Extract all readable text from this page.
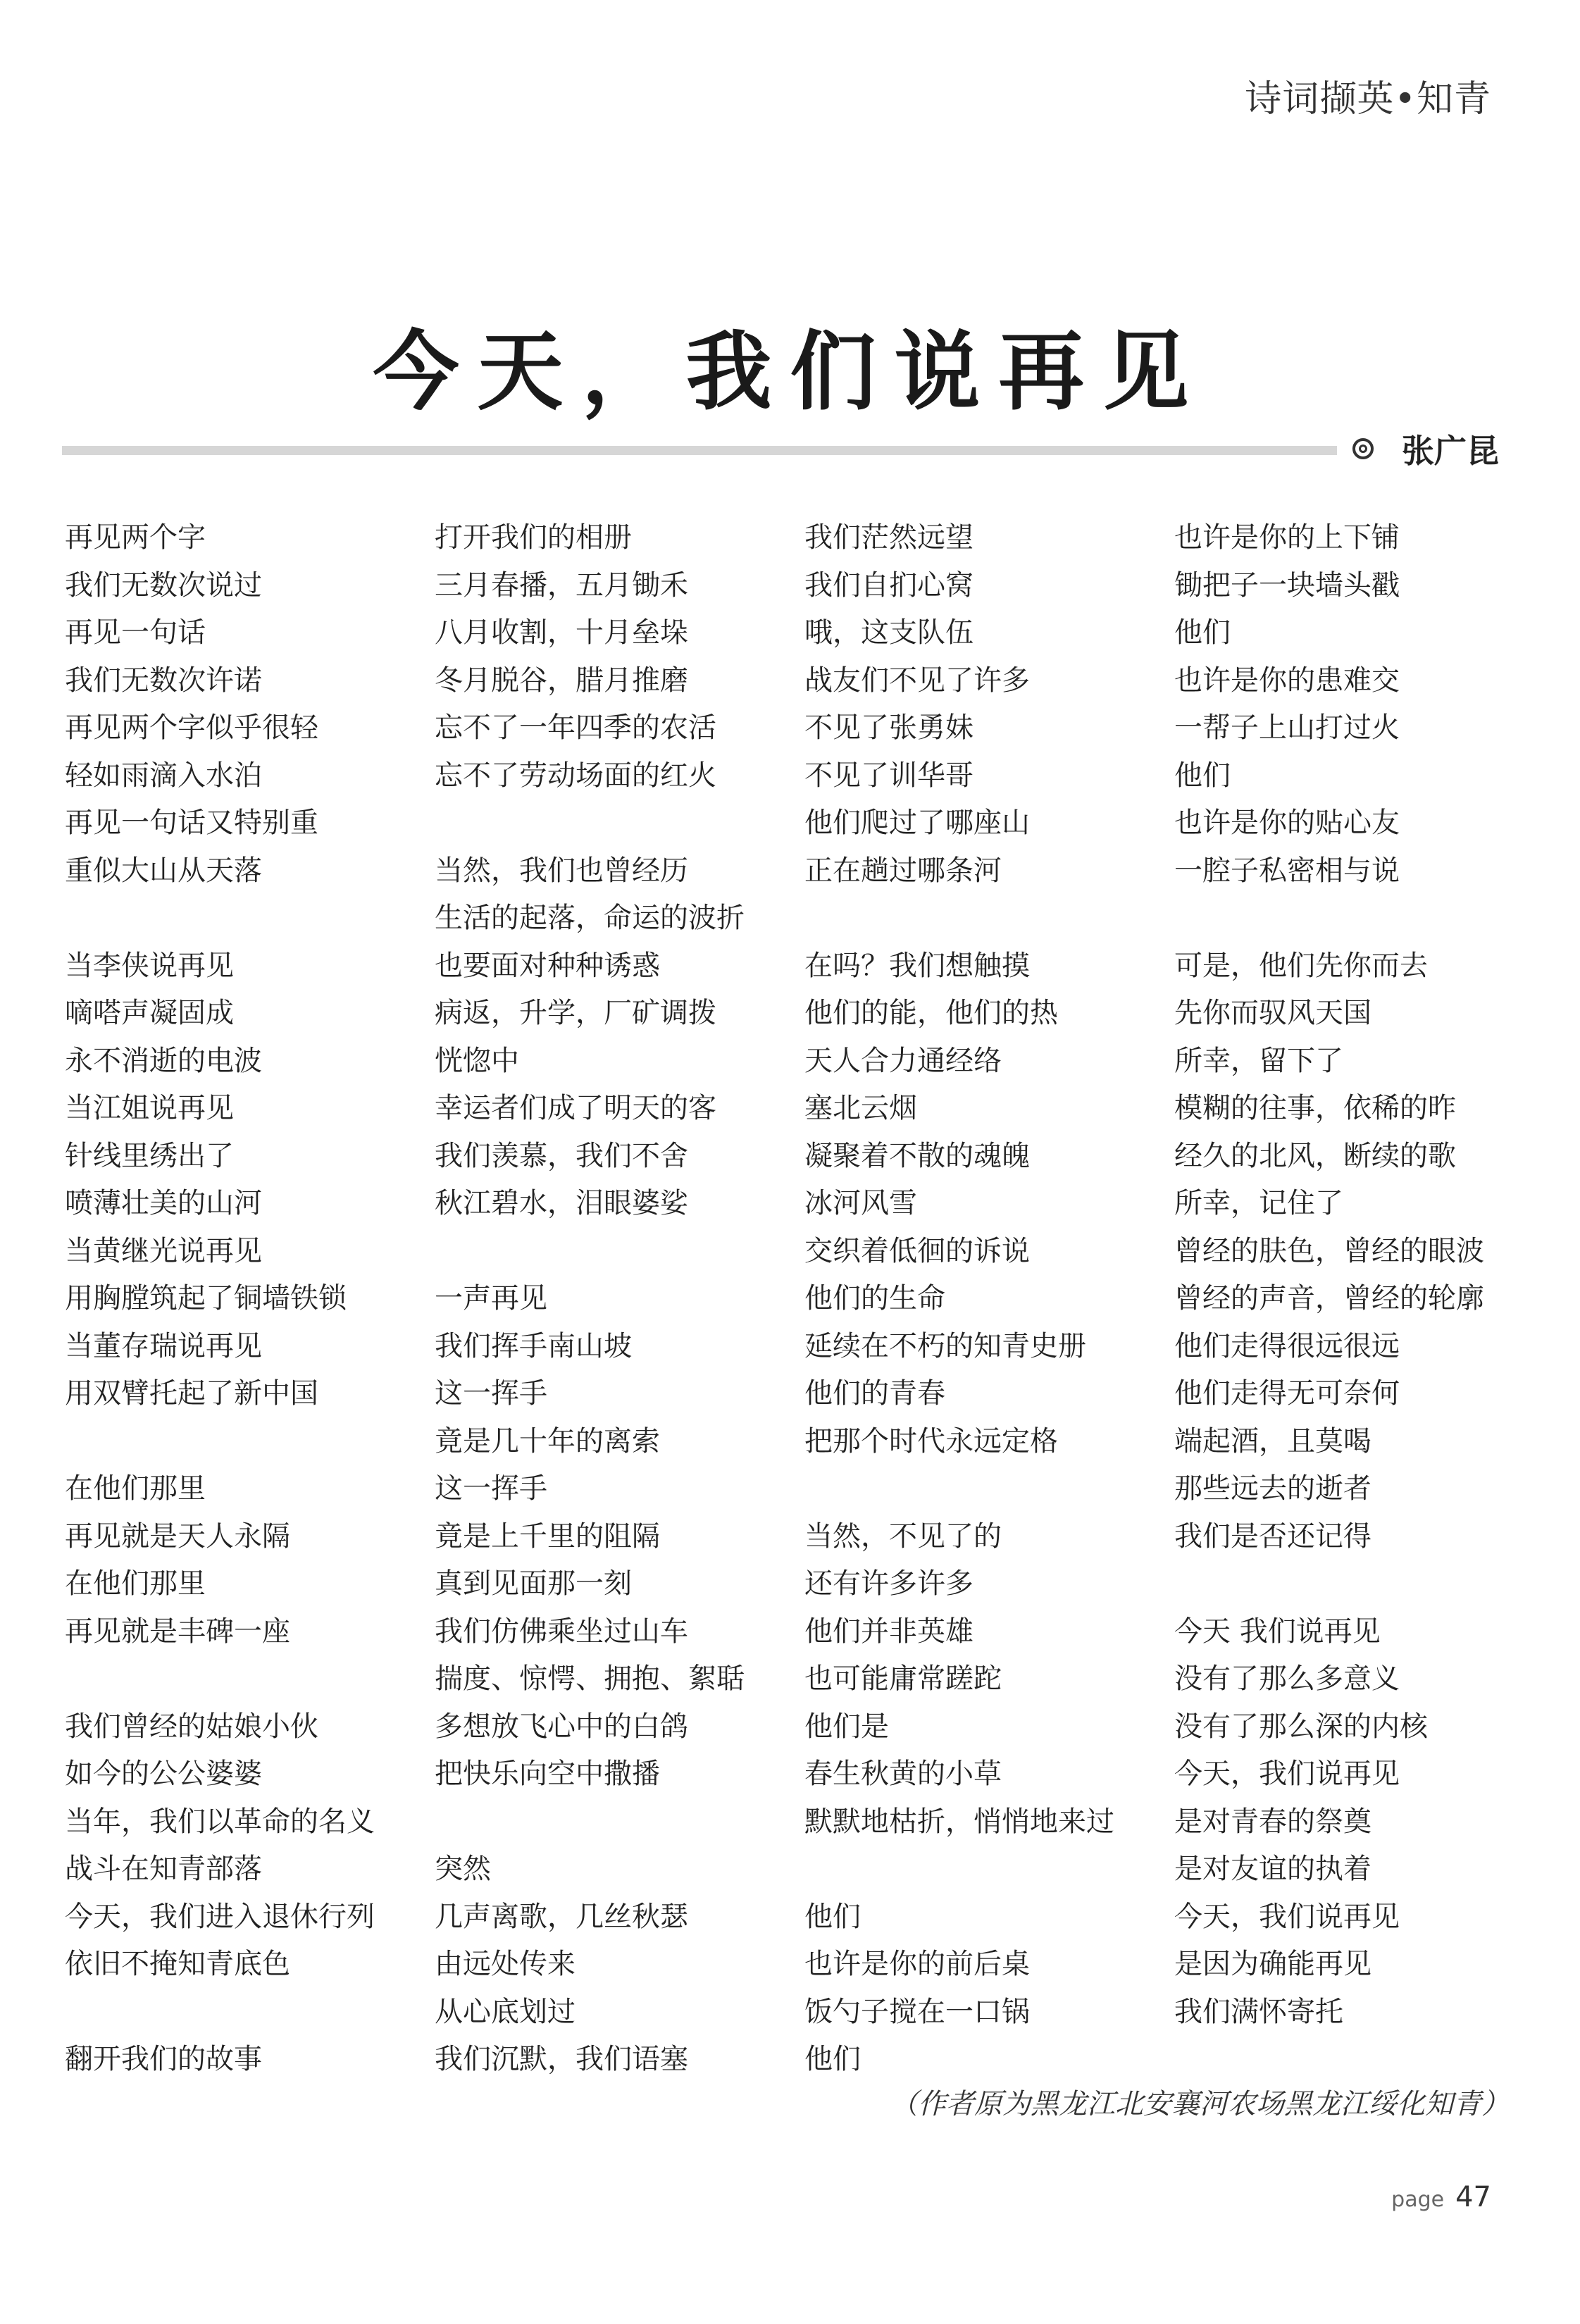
诗词撷英•知青
今天，我们说再见
张广昆
再见两个字
我们无数次说过
再见一句话
我们无数次许诺
再见两个字似乎很轻
轻如雨滴入水泊
再见一句话又特别重
重似大山从天落
当李侠说再见
嘀嗒声凝固成
永不消逝的电波
当江姐说再见
针线里绣出了
喷薄壮美的山河
当黄继光说再见
用胸膛筑起了铜墙铁锁
当董存瑞说再见
用双臂托起了新中国
在他们那里
再见就是天人永隔
在他们那里
再见就是丰碑一座
我们曾经的姑娘小伙
如今的公公婆婆
当年，我们以革命的名义
战斗在知青部落
今天，我们进入退休行列
依旧不掩知青底色
翻开我们的故事
打开我们的相册
三月春播，五月锄禾
八月收割，十月垒垛
冬月脱谷，腊月推磨
忘不了一年四季的农活
忘不了劳动场面的红火
当然，我们也曾经历
生活的起落，命运的波折
也要面对种种诱惑
病返，升学，厂矿调拨
恍惚中
幸运者们成了明天的客
我们羡慕，我们不舍
秋江碧水，泪眼婆娑
一声再见
我们挥手南山坡
这一挥手
竟是几十年的离索
这一挥手
竟是上千里的阻隔
真到见面那一刻
我们仿佛乘坐过山车
揣度、惊愕、拥抱、絮聒
多想放飞心中的白鸽
把快乐向空中撒播
突然
几声离歌，几丝秋瑟
由远处传来
从心底划过
我们沉默，我们语塞
我们茫然远望
我们自扪心窝
哦，这支队伍
战友们不见了许多
不见了张勇妹
不见了训华哥
他们爬过了哪座山
正在趟过哪条河
在吗？我们想触摸
他们的能，他们的热
天人合力通经络
塞北云烟
凝聚着不散的魂魄
冰河风雪
交织着低徊的诉说
他们的生命
延续在不朽的知青史册
他们的青春
把那个时代永远定格
当然，不见了的
还有许多许多
他们并非英雄
也可能庸常蹉跎
他们是
春生秋黄的小草
默默地枯折，悄悄地来过
他们
也许是你的前后桌
饭勺子搅在一口锅
他们
也许是你的上下铺
锄把子一块墙头戳
他们
也许是你的患难交
一帮子上山打过火
他们
也许是你的贴心友
一腔子私密相与说
可是，他们先你而去
先你而驭风天国
所幸，留下了
模糊的往事，依稀的昨
经久的北风，断续的歌
所幸，记住了
曾经的肤色，曾经的眼波
曾经的声音，曾经的轮廓
他们走得很远很远
他们走得无可奈何
端起酒，且莫喝
那些远去的逝者
我们是否还记得
今天 我们说再见
没有了那么多意义
没有了那么深的内核
今天，我们说再见
是对青春的祭奠
是对友谊的执着
今天，我们说再见
是因为确能再见
我们满怀寄托
（作者原为黑龙江北安襄河农场黑龙江绥化知青）
page 47
